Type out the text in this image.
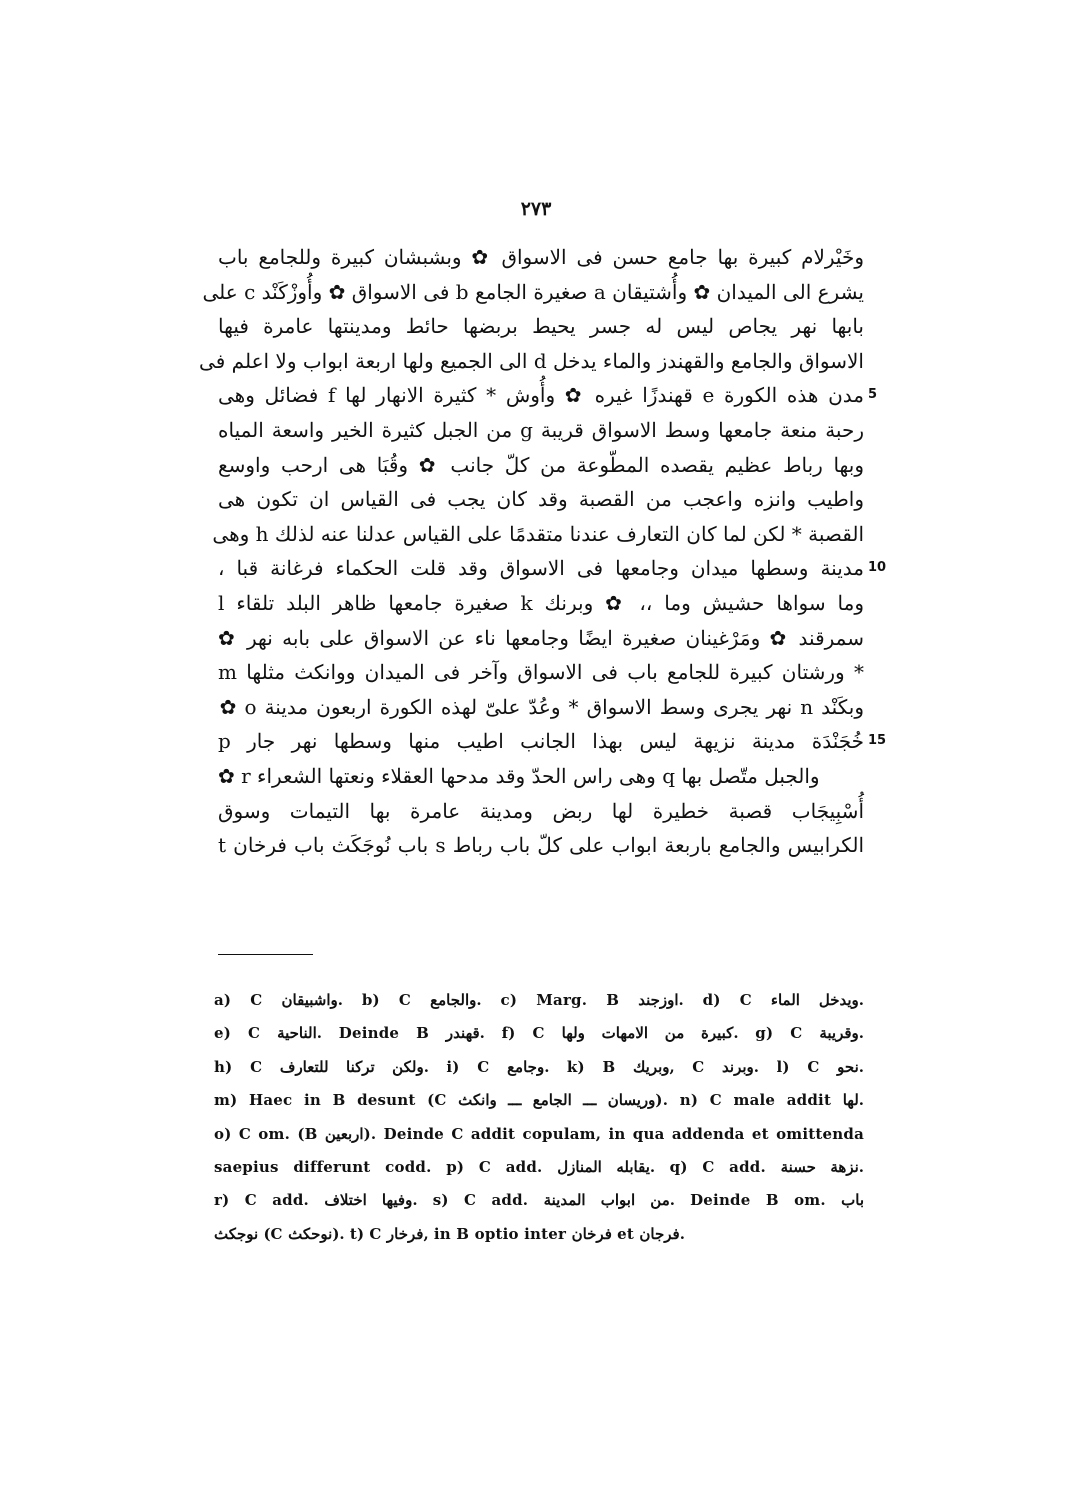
٢٧٣
وخَيْرلام كبيرة بها جامع حسن فى الاسواق ✿ وبشبشان كبيرة وللجامع باب
يشرع الى الميدان ✿ وأُشتيقان a صغيرة الجامع b فى الاسواق ✿ وأُوزْكَنْد c على
بابها نهر يجاص ليس له جسر يحيط بربضها حائط ومدينتها عامرة فيها
الاسواق والجامع والقهندز والماء يدخل d الى الجميع ولها اربعة ابواب ولا اعلم فى
مدن هذه الكورة e قهندزًا غيره ✿ وأُوش * كثيرة الانهار لها f فضائل وهى 5
رحبة منعة جامعها وسط الاسواق قريبة g من الجبل كثيرة الخير واسعة المياه
وبها رباط عظيم يقصده المطّوعة من كلّ جانب ✿ وقُبَا هى ارحب واوسع
واطيب وانزه واعجب من القصبة وقد كان يجب فى القياس ان تكون هى
القصبة * لكن لما كان التعارف عندنا متقدمًا على القياس عدلنا عنه لذلك h وهى
مدينة وسطها ميدان وجامعها فى الاسواق وقد قلت الحكماء فرغانة قبا ، 10
وما سواها حشيش وما ،، ✿ وبرنك k صغيرة جامعها ظاهر البلد تلقاء l
سمرقند ✿ ومَرْغينان صغيرة ايضًا وجامعها ناء عن الاسواق على بابه نهر ✿
* ورشتان كبيرة للجامع باب فى الاسواق وآخر فى الميدان ووانكث مثلها m
وبكَنْد n نهر يجرى وسط الاسواق * وعُدّ علىّ لهذه الكورة اربعون مدينة o ✿
خُجَنْدَة مدينة نزيهة ليس بهذا الجانب اطيب منها وسطها نهر جار p 15
والجبل متّصل بها q وهى راس الحدّ وقد مدحها العقلاء ونعتها الشعراء r ✿
أُسْبِيجَاب قصبة خطيرة لها ربض ومدينة عامرة بها التيمات وسوق
الكرابيس والجامع باربعة ابواب على كلّ باب رباط s باب نُوجَكَث باب فرخان t
a) C واشبيقان. b) C والجامع. c) Marg. B اوزجند. d) C ويدخل الماء.
e) C الناحية. Deinde B قهندر. f) C كبيرة من الامهات ولها. g) C وقريبة.
h) C ولكن تركنا للتعارف. i) C وجامع. k) B وبريك, C وبرند. l) C نحو.
m) Haec in B desunt (C وريسان ـــ الجامع ـــ وانكث). n) C male addit لها.
o) C om. (B اربعين). Deinde C addit copulam, in qua addenda et omittenda
saepius differunt codd. p) C add. يقابله المنازل. q) C add. نزهة حسنة.
r) C add. وفيها اختلاف. s) C add. من ابواب المدينة. Deinde B om. باب
نوجكث (C نوحكث). t) C فرخار, in B optio inter فرخان et فرجان.
